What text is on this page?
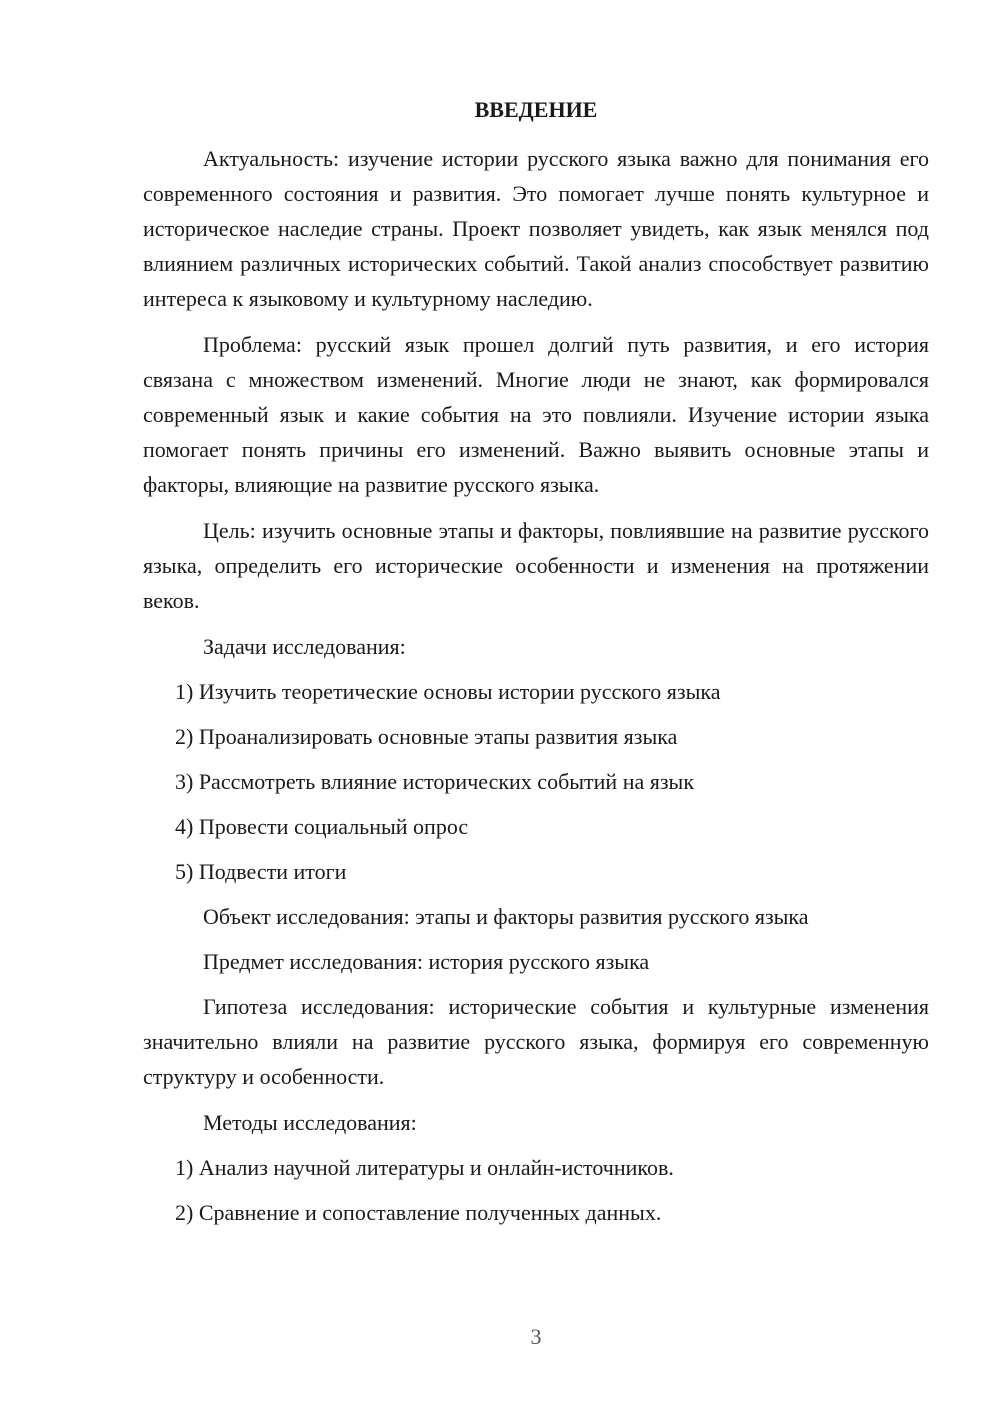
ВВЕДЕНИЕ

Актуальность: изучение истории русского языка важно для понимания его современного состояния и развития. Это помогает лучше понять культурное и историческое наследие страны. Проект позволяет увидеть, как язык менялся под влиянием различных исторических событий. Такой анализ способствует развитию интереса к языковому и культурному наследию.

Проблема: русский язык прошел долгий путь развития, и его история связана с множеством изменений. Многие люди не знают, как формировался современный язык и какие события на это повлияли. Изучение истории языка помогает понять причины его изменений. Важно выявить основные этапы и факторы, влияющие на развитие русского языка.

Цель: изучить основные этапы и факторы, повлиявшие на развитие русского языка, определить его исторические особенности и изменения на протяжении веков.

Задачи исследования:
1) Изучить теоретические основы истории русского языка
2) Проанализировать основные этапы развития языка
3) Рассмотреть влияние исторических событий на язык
4) Провести социальный опрос
5) Подвести итоги
Объект исследования: этапы и факторы развития русского языка
Предмет исследования: история русского языка

Гипотеза исследования: исторические события и культурные изменения значительно влияли на развитие русского языка, формируя его современную структуру и особенности.

Методы исследования:
1) Анализ научной литературы и онлайн-источников.
2) Сравнение и сопоставление полученных данных.
3
